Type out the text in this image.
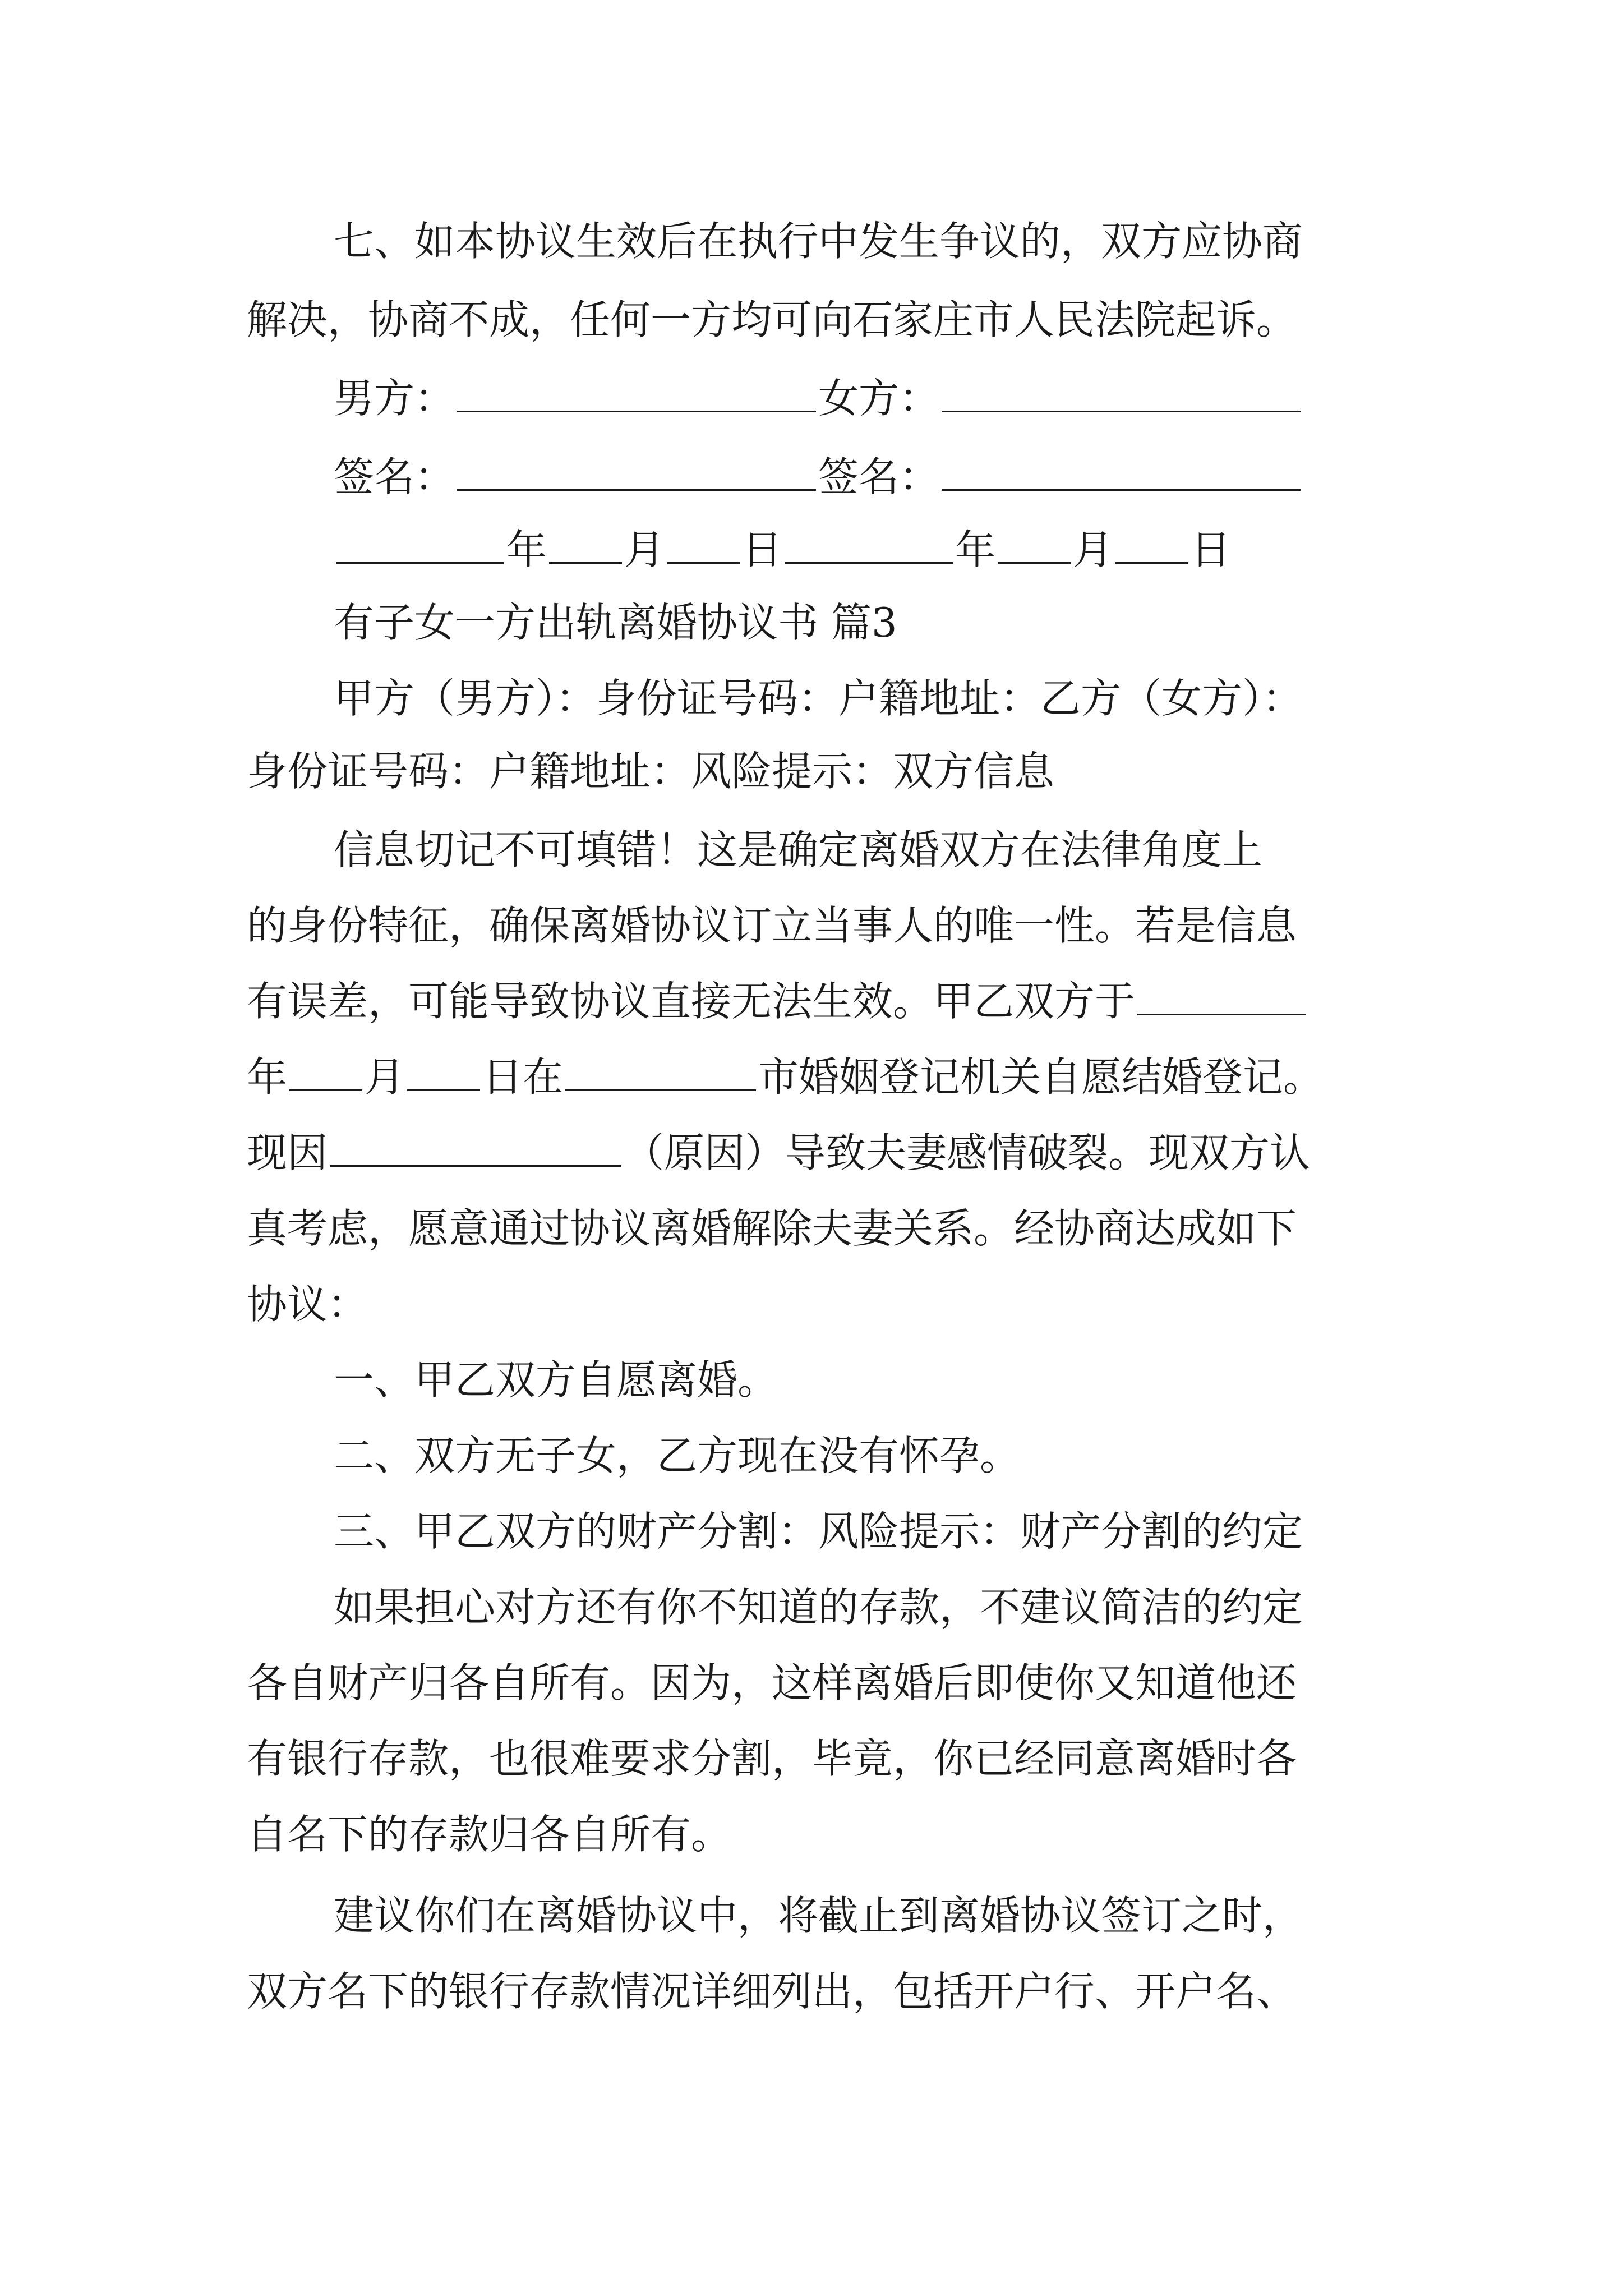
七、如本协议生效后在执行中发生争议的，双方应协商
解决，协商不成，任何一方均可向石家庄市人民法院起诉。
男方：	女方：
签名：	签名：
年 月 日	年 月 日
有子女一方出轨离婚协议书 篇3
甲方（男方）：身份证号码：户籍地址：乙方（女方）：
身份证号码：户籍地址：风险提示：双方信息
信息切记不可填错！这是确定离婚双方在法律角度上
的身份特征，确保离婚协议订立当事人的唯一性。若是信息
有误差，可能导致协议直接无法生效。甲乙双方于
年 月 日在	市婚姻登记机关自愿结婚登记。
现因	（原因）导致夫妻感情破裂。现双方认
真考虑，愿意通过协议离婚解除夫妻关系。经协商达成如下
协议：
一、甲乙双方自愿离婚。
二、双方无子女，乙方现在没有怀孕。
三、甲乙双方的财产分割：风险提示：财产分割的约定
如果担心对方还有你不知道的存款，不建议简洁的约定
各自财产归各自所有。因为，这样离婚后即使你又知道他还
有银行存款，也很难要求分割，毕竟，你已经同意离婚时各
自名下的存款归各自所有。
建议你们在离婚协议中，将截止到离婚协议签订之时，
双方名下的银行存款情况详细列出，包括开户行、开户名、
